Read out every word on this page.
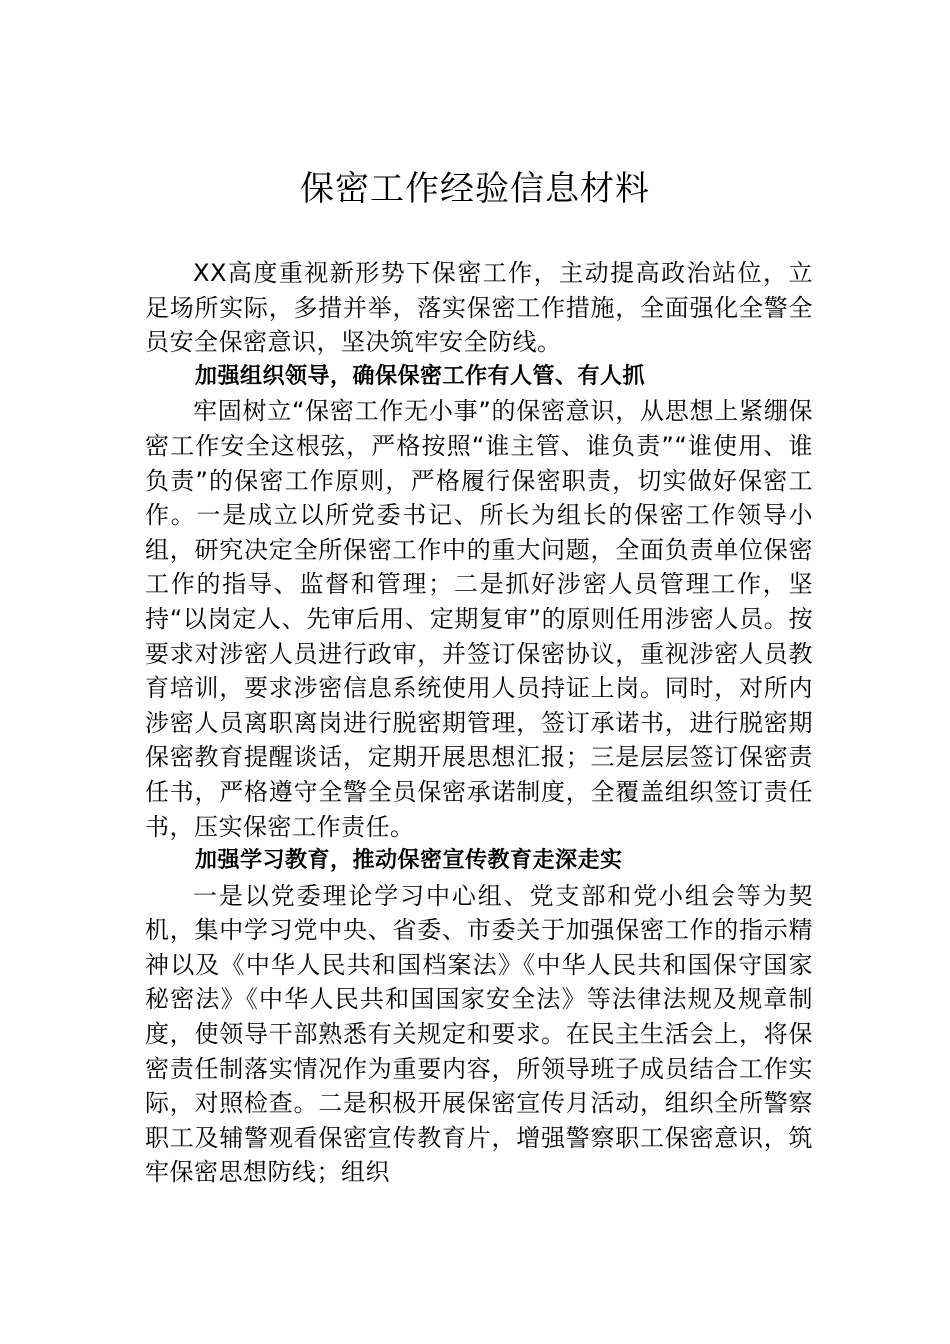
保密工作经验信息材料

XX高度重视新形势下保密工作，主动提高政治站位，立足场所实际，多措并举，落实保密工作措施，全面强化全警全员安全保密意识，坚决筑牢安全防线。

加强组织领导，确保保密工作有人管、有人抓

牢固树立“保密工作无小事”的保密意识，从思想上紧绷保密工作安全这根弦，严格按照“谁主管、谁负责”“谁使用、谁负责”的保密工作原则，严格履行保密职责，切实做好保密工作。一是成立以所党委书记、所长为组长的保密工作领导小组，研究决定全所保密工作中的重大问题，全面负责单位保密工作的指导、监督和管理；二是抓好涉密人员管理工作，坚持“以岗定人、先审后用、定期复审”的原则任用涉密人员。按要求对涉密人员进行政审，并签订保密协议，重视涉密人员教育培训，要求涉密信息系统使用人员持证上岗。同时，对所内涉密人员离职离岗进行脱密期管理，签订承诺书，进行脱密期保密教育提醒谈话，定期开展思想汇报；三是层层签订保密责任书，严格遵守全警全员保密承诺制度，全覆盖组织签订责任书，压实保密工作责任。

加强学习教育，推动保密宣传教育走深走实

一是以党委理论学习中心组、党支部和党小组会等为契机，集中学习党中央、省委、市委关于加强保密工作的指示精神以及《中华人民共和国档案法》《中华人民共和国保守国家秘密法》《中华人民共和国国家安全法》等法律法规及规章制度，使领导干部熟悉有关规定和要求。在民主生活会上，将保密责任制落实情况作为重要内容，所领导班子成员结合工作实际，对照检查。二是积极开展保密宣传月活动，组织全所警察职工及辅警观看保密宣传教育片，增强警察职工保密意识，筑牢保密思想防线；组织
